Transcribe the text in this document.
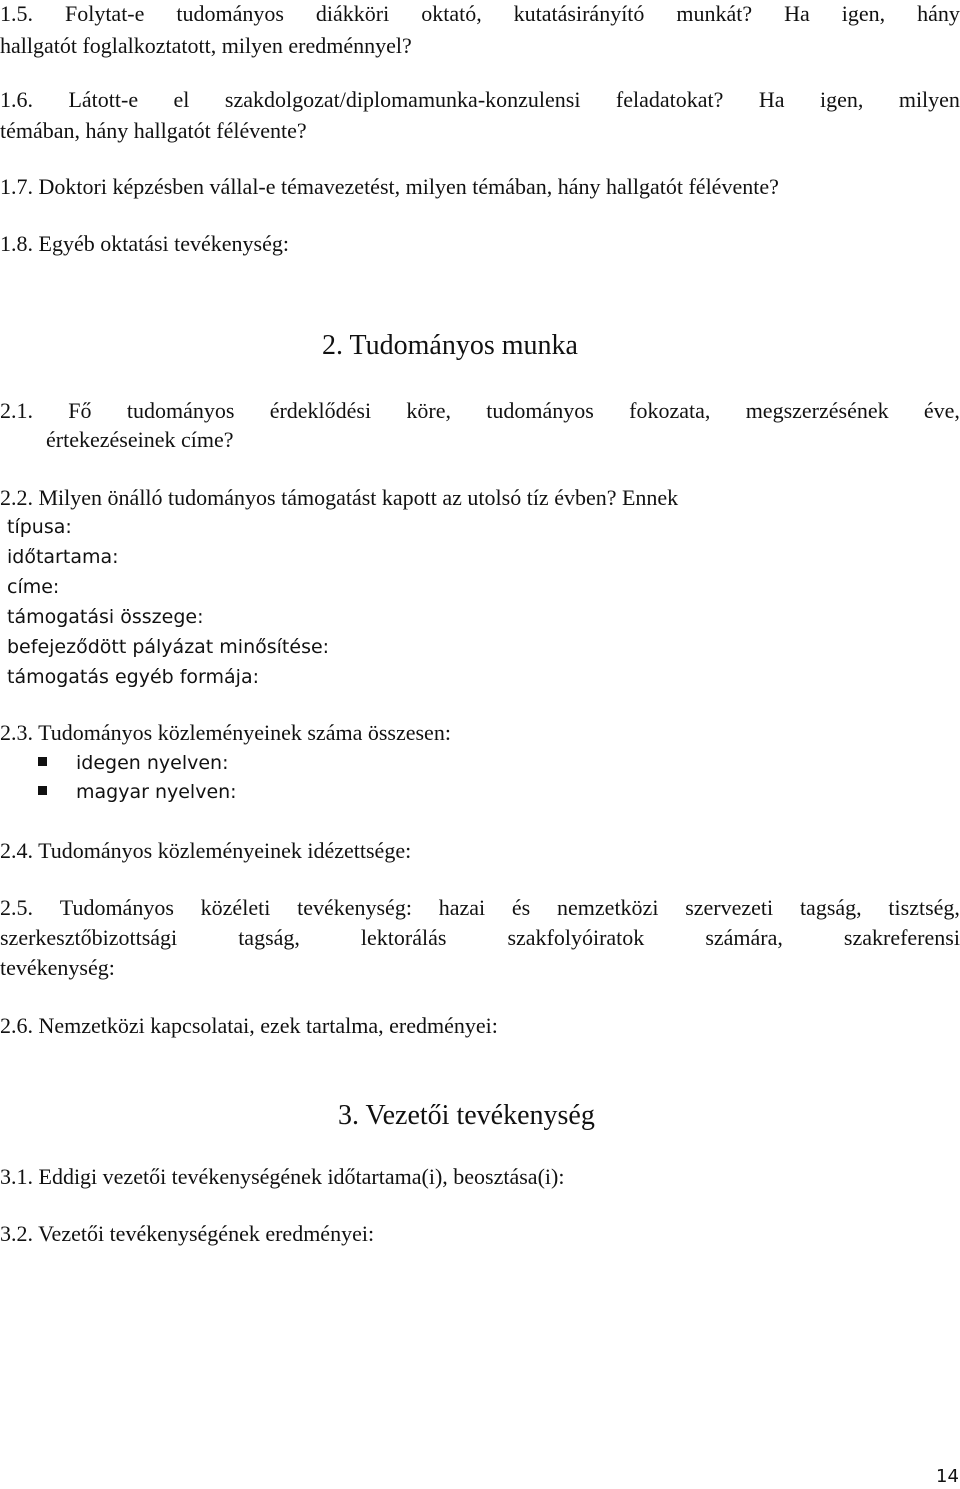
1.5. Folytat-e tudományos diákköri oktató, kutatásirányító munkát? Ha igen, hány
hallgatót foglalkoztatott, milyen eredménnyel?
1.6. Látott-e el szakdolgozat/diplomamunka-konzulensi feladatokat? Ha igen, milyen
témában, hány hallgatót félévente?
1.7. Doktori képzésben vállal-e témavezetést, milyen témában, hány hallgatót félévente?
1.8. Egyéb oktatási tevékenység:
2. Tudományos munka
2.1. Fő tudományos érdeklődési köre, tudományos fokozata, megszerzésének éve,
értekezéseinek címe?
2.2. Milyen önálló tudományos támogatást kapott az utolsó tíz évben? Ennek
típusa:
időtartama:
címe:
támogatási összege:
befejeződött pályázat minősítése:
támogatás egyéb formája:
2.3. Tudományos közleményeinek száma összesen:
idegen nyelven:
magyar nyelven:
2.4. Tudományos közleményeinek idézettsége:
2.5. Tudományos közéleti tevékenység: hazai és nemzetközi szervezeti tagság, tisztség,
szerkesztőbizottsági	tagság,	lektorálás	szakfolyóiratok	számára,	szakreferensi
tevékenység:
2.6. Nemzetközi kapcsolatai, ezek tartalma, eredményei:
3. Vezetői tevékenység
3.1. Eddigi vezetői tevékenységének időtartama(i), beosztása(i):
3.2. Vezetői tevékenységének eredményei:
14
